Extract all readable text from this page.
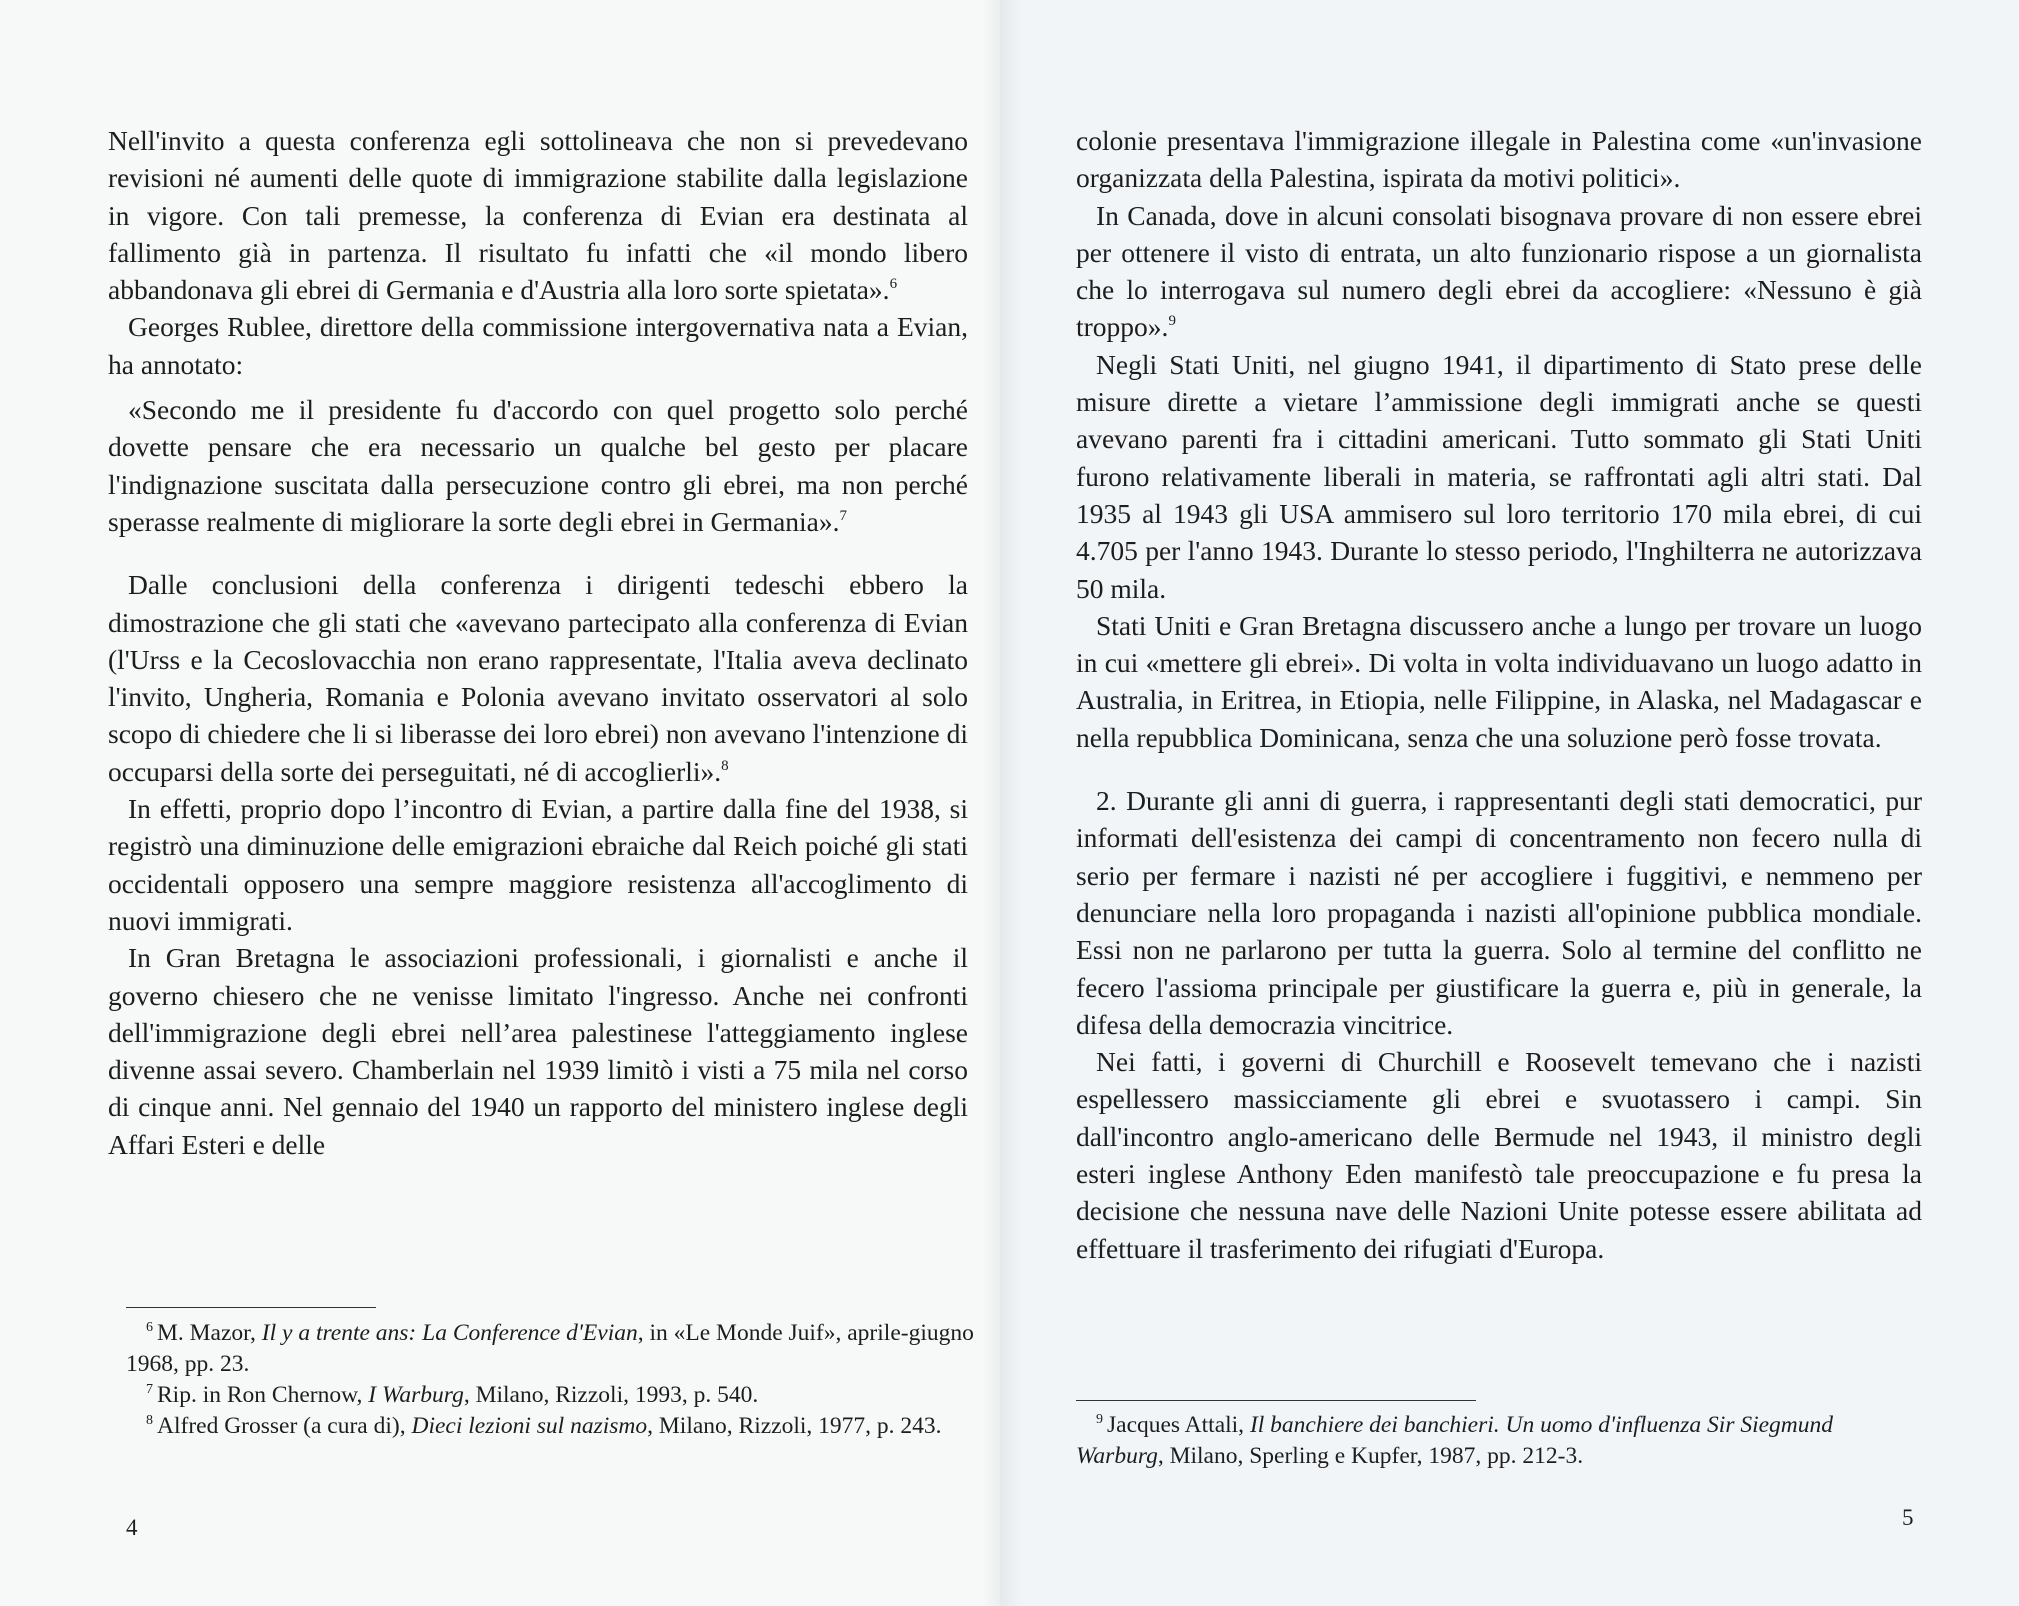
Nell'invito a questa conferenza egli sottolineava che non si prevedevano revisioni né aumenti delle quote di immigrazione stabilite dalla legislazione in vigore. Con tali premesse, la conferenza di Evian era destinata al fallimento già in partenza. Il risultato fu infatti che «il mondo libero abbandonava gli ebrei di Germania e d'Austria alla loro sorte spietata».$^6$

Georges Rublee, direttore della commissione intergovernativa nata a Evian, ha annotato:

«Secondo me il presidente fu d'accordo con quel progetto solo perché dovette pensare che era necessario un qualche bel gesto per placare l'indignazione suscitata dalla persecuzione contro gli ebrei, ma non perché sperasse realmente di migliorare la sorte degli ebrei in Germania».$^7$

Dalle conclusioni della conferenza i dirigenti tedeschi ebbero la dimostrazione che gli stati che «avevano partecipato alla conferenza di Evian (l'Urss e la Cecoslovacchia non erano rappresentate, l'Italia aveva declinato l'invito, Ungheria, Romania e Polonia avevano invitato osservatori al solo scopo di chiedere che li si liberasse dei loro ebrei) non avevano l'intenzione di occuparsi della sorte dei perseguitati, né di accoglierli».$^8$

In effetti, proprio dopo l’incontro di Evian, a partire dalla fine del 1938, si registrò una diminuzione delle emigrazioni ebraiche dal Reich poiché gli stati occidentali opposero una sempre maggiore resistenza all'accoglimento di nuovi immigrati.

In Gran Bretagna le associazioni professionali, i giornalisti e anche il governo chiesero che ne venisse limitato l'ingresso. Anche nei confronti dell'immigrazione degli ebrei nell’area palestinese l'atteggiamento inglese divenne assai severo. Chamberlain nel 1939 limitò i visti a 75 mila nel corso di cinque anni. Nel gennaio del 1940 un rapporto del ministero inglese degli Affari Esteri e delle

$^6$ M. Mazor, Il y a trente ans: La Conference d'Evian, in «Le Monde Juif», aprile-giugno 1968, pp. 23.

$^7$ Rip. in Ron Chernow, I Warburg, Milano, Rizzoli, 1993, p. 540.

$^8$ Alfred Grosser (a cura di), Dieci lezioni sul nazismo, Milano, Rizzoli, 1977, p. 243.

4

colonie presentava l'immigrazione illegale in Palestina come «un'invasione organizzata della Palestina, ispirata da motivi politici».

In Canada, dove in alcuni consolati bisognava provare di non essere ebrei per ottenere il visto di entrata, un alto funzionario rispose a un giornalista che lo interrogava sul numero degli ebrei da accogliere: «Nessuno è già troppo».$^9$

Negli Stati Uniti, nel giugno 1941, il dipartimento di Stato prese delle misure dirette a vietare l’ammissione degli immigrati anche se questi avevano parenti fra i cittadini americani. Tutto sommato gli Stati Uniti furono relativamente liberali in materia, se raffrontati agli altri stati. Dal 1935 al 1943 gli USA ammisero sul loro territorio 170 mila ebrei, di cui 4.705 per l'anno 1943. Durante lo stesso periodo, l'Inghilterra ne autorizzava 50 mila.

Stati Uniti e Gran Bretagna discussero anche a lungo per trovare un luogo in cui «mettere gli ebrei». Di volta in volta individuavano un luogo adatto in Australia, in Eritrea, in Etiopia, nelle Filippine, in Alaska, nel Madagascar e nella repubblica Dominicana, senza che una soluzione però fosse trovata.

2. Durante gli anni di guerra, i rappresentanti degli stati democratici, pur informati dell'esistenza dei campi di concentramento non fecero nulla di serio per fermare i nazisti né per accogliere i fuggitivi, e nemmeno per denunciare nella loro propaganda i nazisti all'opinione pubblica mondiale. Essi non ne parlarono per tutta la guerra. Solo al termine del conflitto ne fecero l'assioma principale per giustificare la guerra e, più in generale, la difesa della democrazia vincitrice.

Nei fatti, i governi di Churchill e Roosevelt temevano che i nazisti espellessero massicciamente gli ebrei e svuotassero i campi. Sin dall'incontro anglo-americano delle Bermude nel 1943, il ministro degli esteri inglese Anthony Eden manifestò tale preoccupazione e fu presa la decisione che nessuna nave delle Nazioni Unite potesse essere abilitata ad effettuare il trasferimento dei rifugiati d'Europa.

$^9$ Jacques Attali, Il banchiere dei banchieri. Un uomo d'influenza Sir Siegmund Warburg, Milano, Sperling e Kupfer, 1987, pp. 212-3.

5
